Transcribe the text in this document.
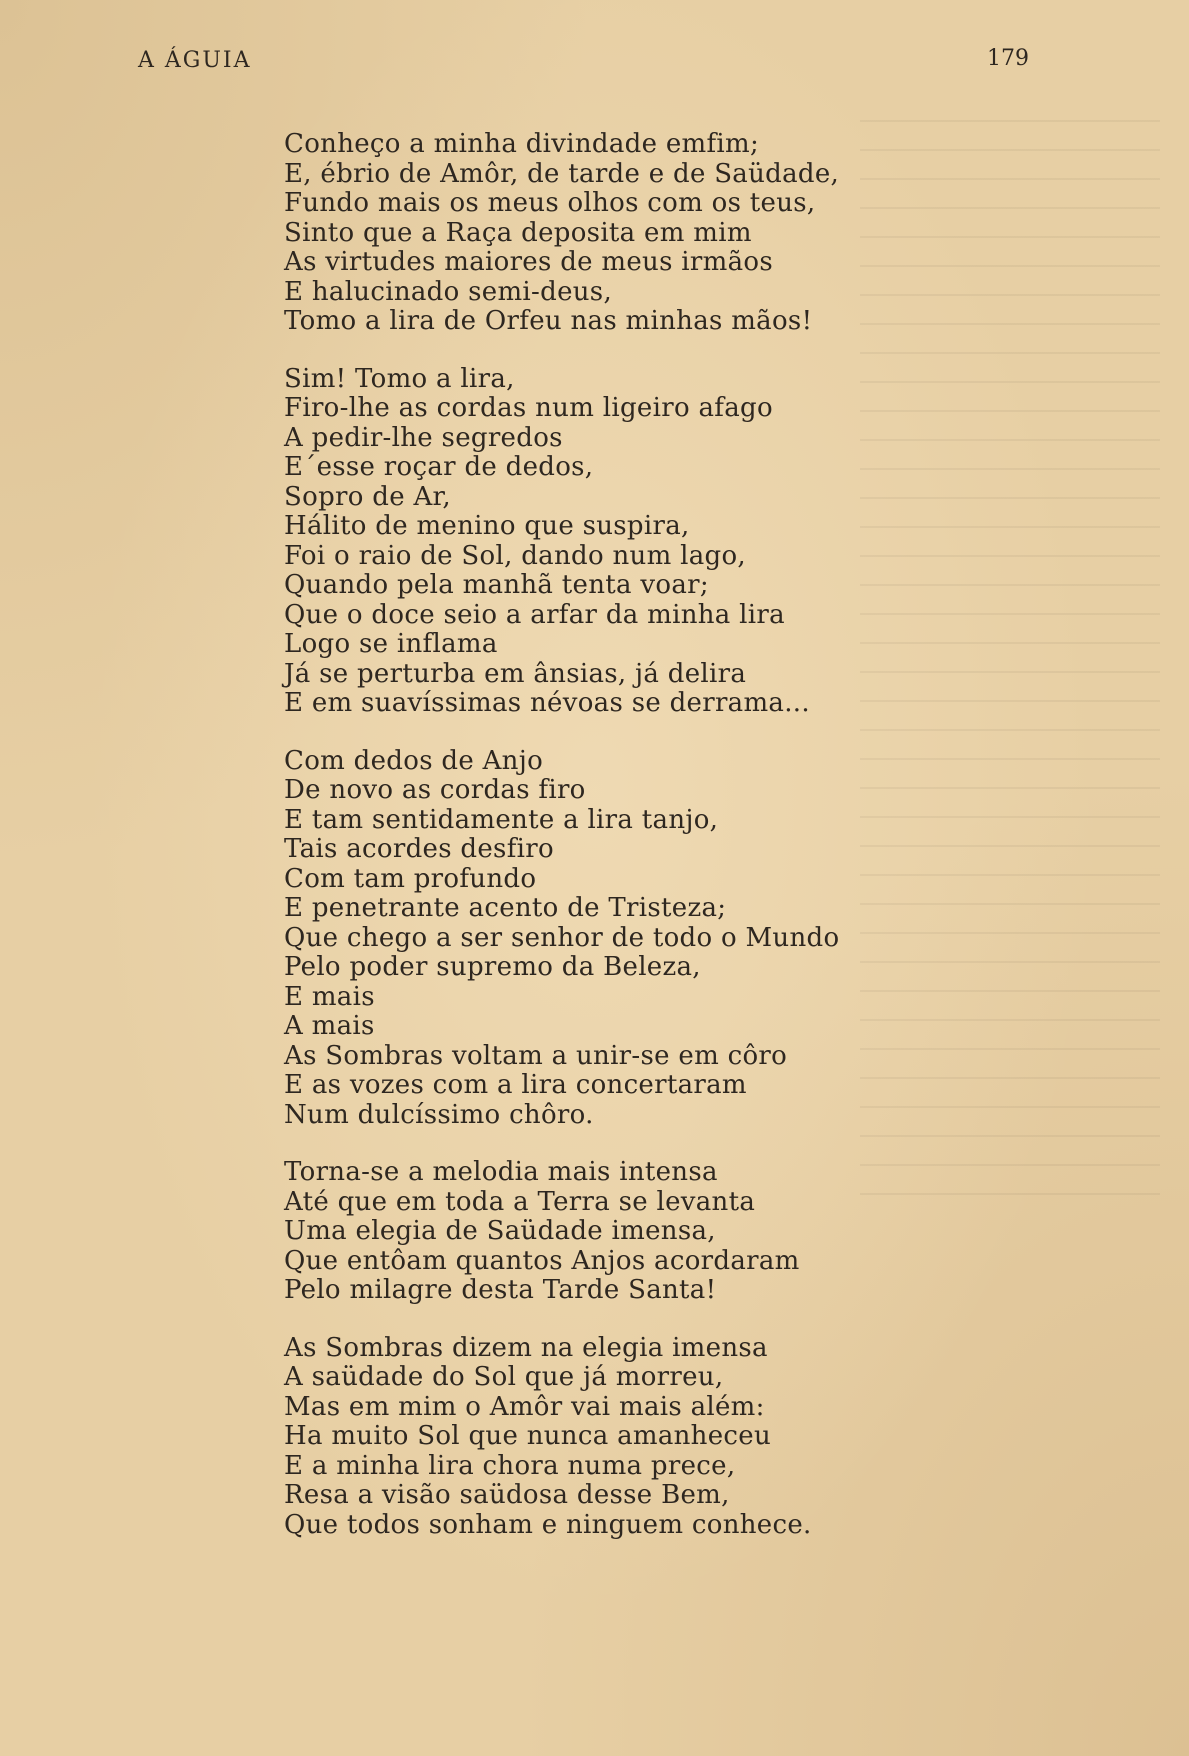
A ÁGUIA	179
Conheço a minha divindade emfim;
E, ébrio de Amôr, de tarde e de Saüdade,
Fundo mais os meus olhos com os teus,
Sinto que a Raça deposita em mim
As virtudes maiores de meus irmãos
E halucinado semi-deus,
Tomo a lira de Orfeu nas minhas mãos!
Sim! Tomo a lira,
Firo-lhe as cordas num ligeiro afago
A pedir-lhe segredos
E´esse roçar de dedos,
Sopro de Ar,
Hálito de menino que suspira,
Foi o raio de Sol, dando num lago,
Quando pela manhã tenta voar;
Que o doce seio a arfar da minha lira
Logo se inflama
Já se perturba em ânsias, já delira
E em suavíssimas névoas se derrama...
Com dedos de Anjo
De novo as cordas firo
E tam sentidamente a lira tanjo,
Tais acordes desfiro
Com tam profundo
E penetrante acento de Tristeza;
Que chego a ser senhor de todo o Mundo
Pelo poder supremo da Beleza,
E mais
A mais
As Sombras voltam a unir-se em côro
E as vozes com a lira concertaram
Num dulcíssimo chôro.
Torna-se a melodia mais intensa
Até que em toda a Terra se levanta
Uma elegia de Saüdade imensa,
Que entôam quantos Anjos acordaram
Pelo milagre desta Tarde Santa!
As Sombras dizem na elegia imensa
A saüdade do Sol que já morreu,
Mas em mim o Amôr vai mais além:
Ha muito Sol que nunca amanheceu
E a minha lira chora numa prece,
Resa a visão saüdosa desse Bem,
Que todos sonham e ninguem conhece.
